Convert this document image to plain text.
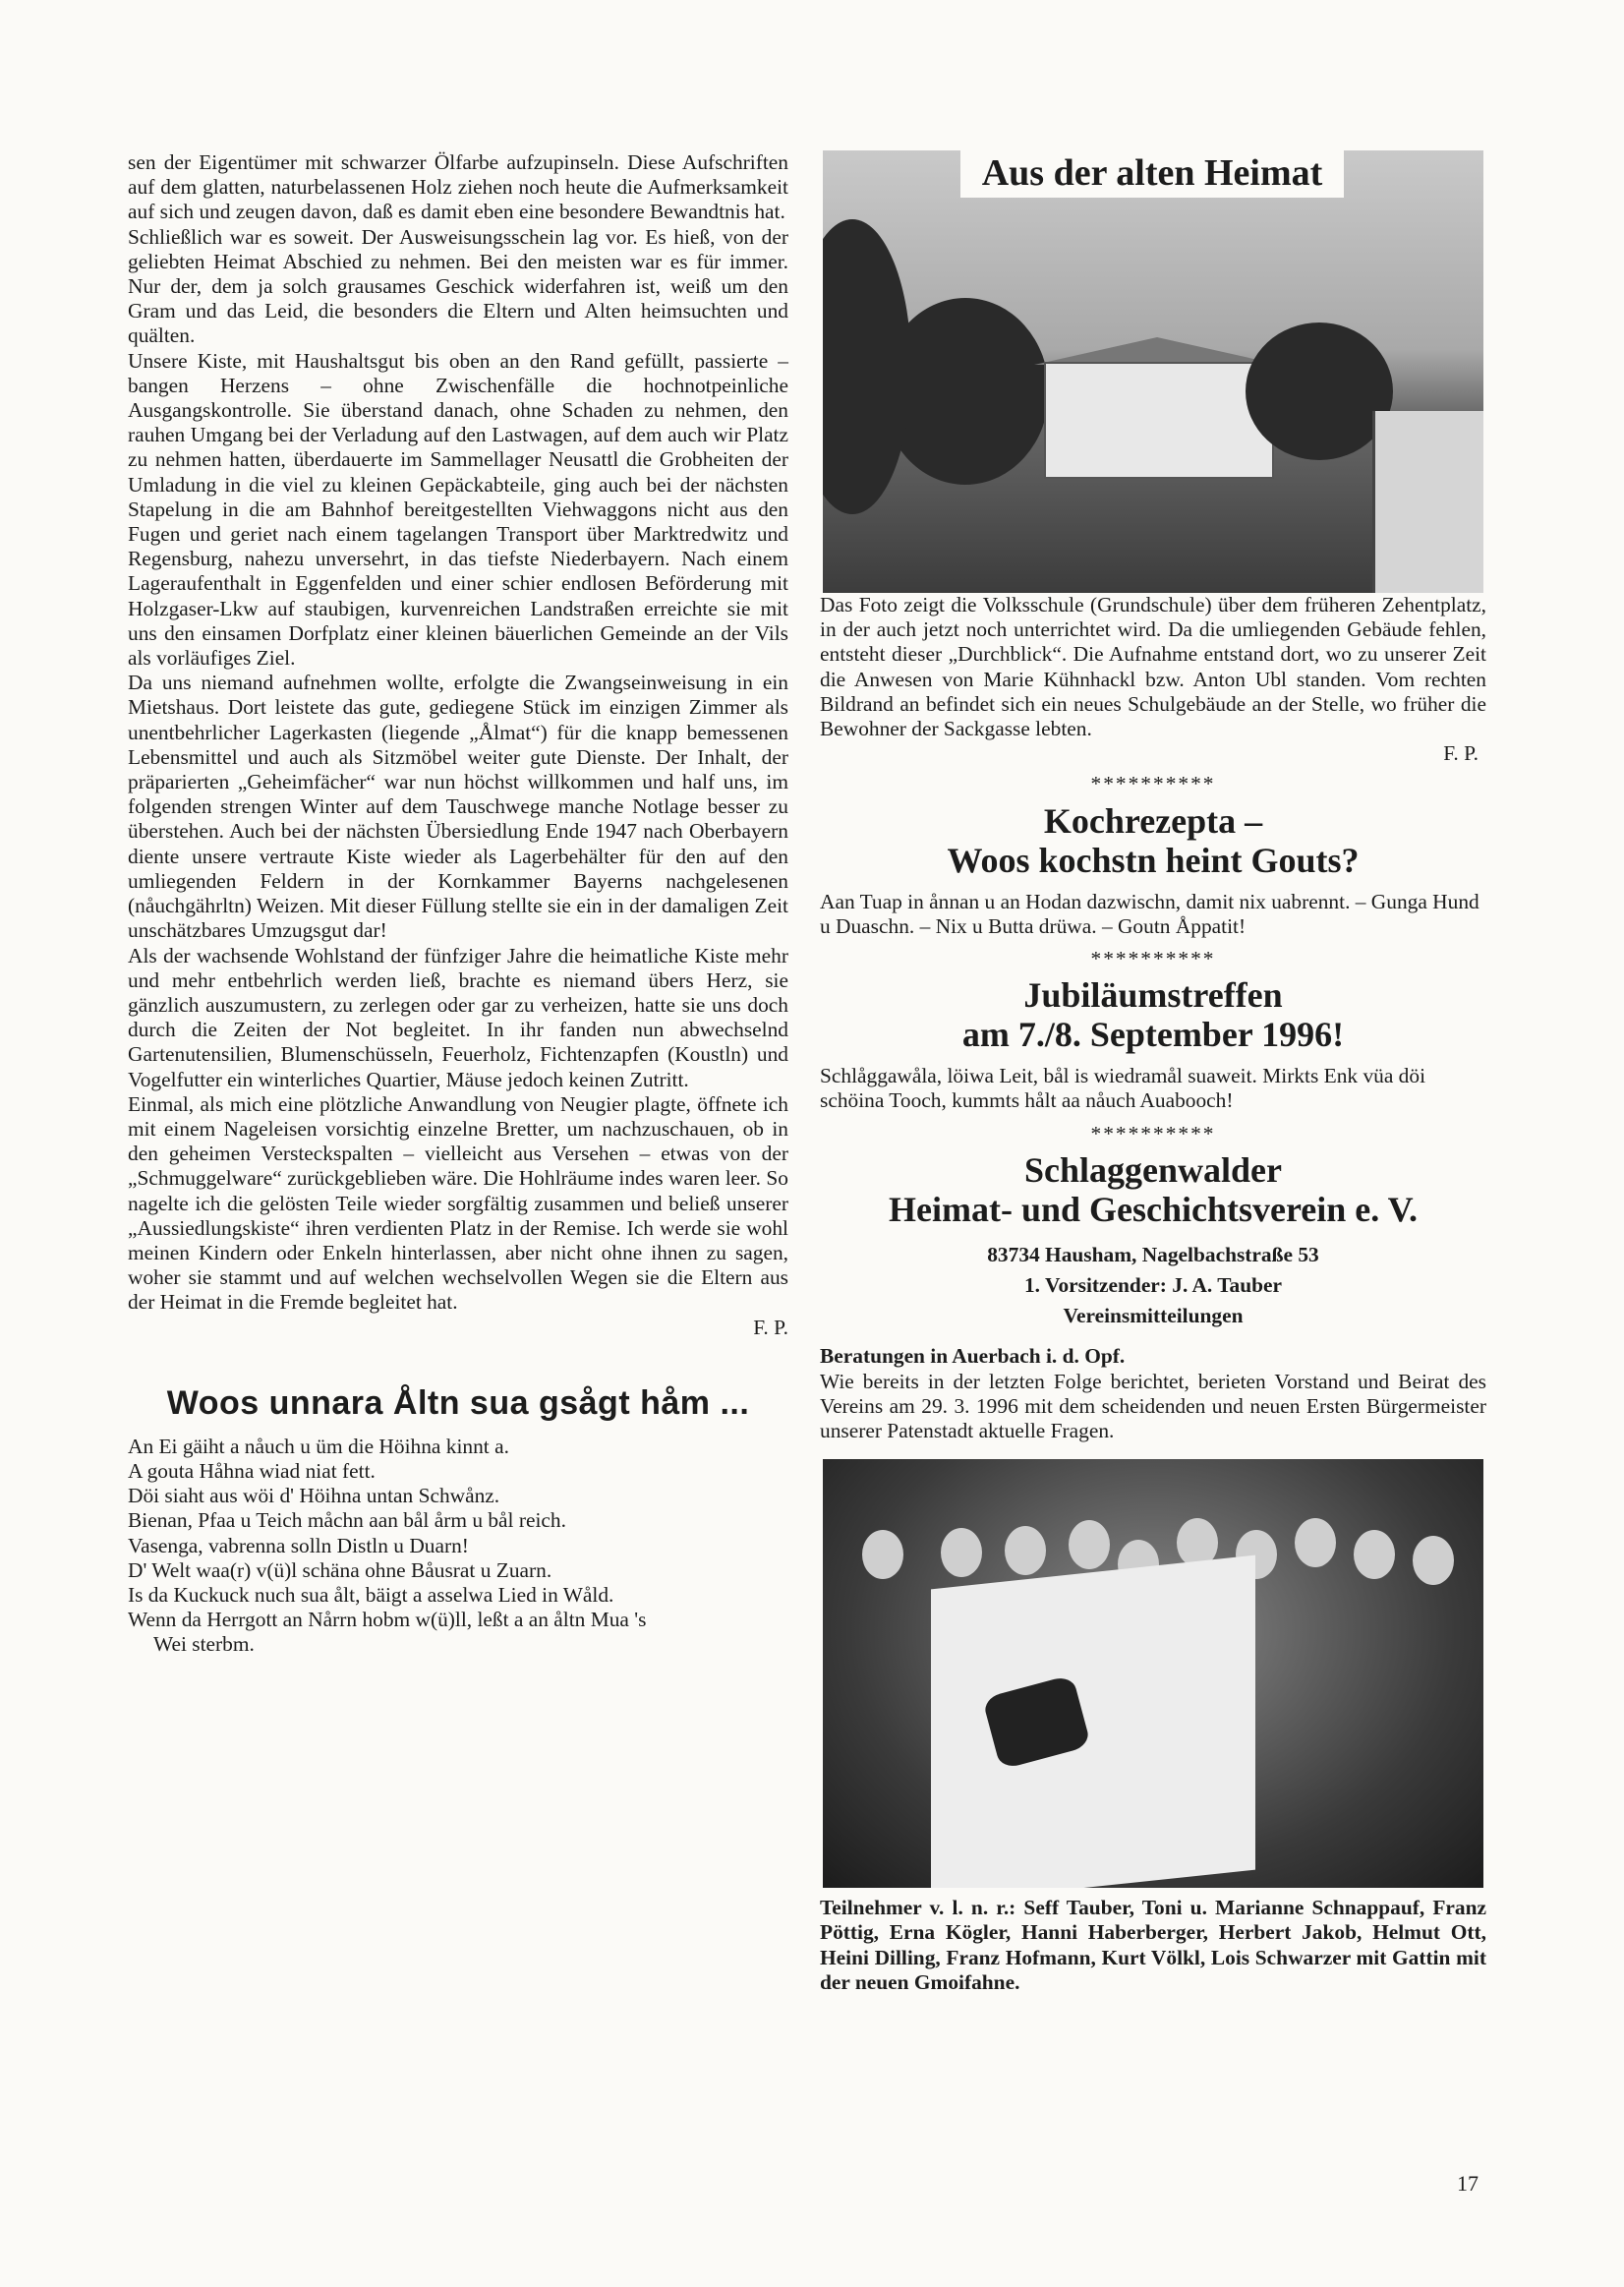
sen der Eigentümer mit schwarzer Ölfarbe aufzupinseln. Diese Aufschriften auf dem glatten, naturbelassenen Holz ziehen noch heute die Aufmerksamkeit auf sich und zeugen davon, daß es damit eben eine besondere Bewandtnis hat.

Schließlich war es soweit. Der Ausweisungsschein lag vor. Es hieß, von der geliebten Heimat Abschied zu nehmen. Bei den meisten war es für immer. Nur der, dem ja solch grausames Geschick widerfahren ist, weiß um den Gram und das Leid, die besonders die Eltern und Alten heimsuchten und quälten.

Unsere Kiste, mit Haushaltsgut bis oben an den Rand gefüllt, passierte – bangen Herzens – ohne Zwischenfälle die hochnotpeinliche Ausgangskontrolle. Sie überstand danach, ohne Schaden zu nehmen, den rauhen Umgang bei der Verladung auf den Lastwagen, auf dem auch wir Platz zu nehmen hatten, überdauerte im Sammellager Neusattl die Grobheiten der Umladung in die viel zu kleinen Gepäckabteile, ging auch bei der nächsten Stapelung in die am Bahnhof bereitgestellten Viehwaggons nicht aus den Fugen und geriet nach einem tagelangen Transport über Marktredwitz und Regensburg, nahezu unversehrt, in das tiefste Niederbayern. Nach einem Lageraufenthalt in Eggenfelden und einer schier endlosen Beförderung mit Holzgaser-Lkw auf staubigen, kurvenreichen Landstraßen erreichte sie mit uns den einsamen Dorfplatz einer kleinen bäuerlichen Gemeinde an der Vils als vorläufiges Ziel.

Da uns niemand aufnehmen wollte, erfolgte die Zwangseinweisung in ein Mietshaus. Dort leistete das gute, gediegene Stück im einzigen Zimmer als unentbehrlicher Lagerkasten (liegende „Ålmat“) für die knapp bemessenen Lebensmittel und auch als Sitzmöbel weiter gute Dienste. Der Inhalt, der präparierten „Geheimfächer“ war nun höchst willkommen und half uns, im folgenden strengen Winter auf dem Tauschwege manche Notlage besser zu überstehen. Auch bei der nächsten Übersiedlung Ende 1947 nach Oberbayern diente unsere vertraute Kiste wieder als Lagerbehälter für den auf den umliegenden Feldern in der Kornkammer Bayerns nachgelesenen (nåuchgährltn) Weizen. Mit dieser Füllung stellte sie ein in der damaligen Zeit unschätzbares Umzugsgut dar!

Als der wachsende Wohlstand der fünfziger Jahre die heimatliche Kiste mehr und mehr entbehrlich werden ließ, brachte es niemand übers Herz, sie gänzlich auszumustern, zu zerlegen oder gar zu verheizen, hatte sie uns doch durch die Zeiten der Not begleitet. In ihr fanden nun abwechselnd Gartenutensilien, Blumenschüsseln, Feuerholz, Fichtenzapfen (Koustln) und Vogelfutter ein winterliches Quartier, Mäuse jedoch keinen Zutritt.

Einmal, als mich eine plötzliche Anwandlung von Neugier plagte, öffnete ich mit einem Nageleisen vorsichtig einzelne Bretter, um nachzuschauen, ob in den geheimen Versteckspalten – vielleicht aus Versehen – etwas von der „Schmuggelware“ zurückgeblieben wäre. Die Hohlräume indes waren leer. So nagelte ich die gelösten Teile wieder sorgfältig zusammen und beließ unserer „Aussiedlungskiste“ ihren verdienten Platz in der Remise. Ich werde sie wohl meinen Kindern oder Enkeln hinterlassen, aber nicht ohne ihnen zu sagen, woher sie stammt und auf welchen wechselvollen Wegen sie die Eltern aus der Heimat in die Fremde begleitet hat.

F. P.
Woos unnara Åltn sua gsågt håm ...

An Ei gäiht a nåuch u üm die Höihna kinnt a.

A gouta Håhna wiad niat fett.

Döi siaht aus wöi d' Höihna untan Schwånz.

Bienan, Pfaa u Teich måchn aan bål årm u bål reich.

Vasenga, vabrenna solln Distln u Duarn!

D' Welt waa(r) v(ü)l schäna ohne Båusrat u Zuarn.

Is da Kuckuck nuch sua ålt, bäigt a asselwa Lied in Wåld.

Wenn da Herrgott an Nårrn hobm w(ü)ll, leßt a an åltn Mua 's

Wei sterbm.

Aus der alten Heimat

Das Foto zeigt die Volksschule (Grundschule) über dem früheren Zehentplatz, in der auch jetzt noch unterrichtet wird. Da die umliegenden Gebäude fehlen, entsteht dieser „Durchblick“. Die Aufnahme entstand dort, wo zu unserer Zeit die Anwesen von Marie Kühnhackl bzw. Anton Ubl standen. Vom rechten Bildrand an befindet sich ein neues Schulgebäude an der Stelle, wo früher die Bewohner der Sackgasse lebten.

F. P.
**********
Kochrezepta –
Woos kochstn heint Gouts?

Aan Tuap in ånnan u an Hodan dazwischn, damit nix uabrennt. – Gunga Hund u Duaschn. – Nix u Butta drüwa. – Goutn Åppatit!

**********
Jubiläumstreffen
am 7./8. September 1996!

Schlåggawåla, löiwa Leit, bål is wiedramål suaweit. Mirkts Enk vüa döi schöina Tooch, kummts hålt aa nåuch Auabooch!

**********
Schlaggenwalder
Heimat- und Geschichtsverein e. V.
83734 Hausham, Nagelbachstraße 53
1. Vorsitzender: J. A. Tauber
Vereinsmitteilungen

Beratungen in Auerbach i. d. Opf.

Wie bereits in der letzten Folge berichtet, berieten Vorstand und Beirat des Vereins am 29. 3. 1996 mit dem scheidenden und neuen Ersten Bürgermeister unserer Patenstadt aktuelle Fragen.

Teilnehmer v. l. n. r.: Seff Tauber, Toni u. Marianne Schnappauf, Franz Pöttig, Erna Kögler, Hanni Haberberger, Herbert Jakob, Helmut Ott, Heini Dilling, Franz Hofmann, Kurt Völkl, Lois Schwarzer mit Gattin mit der neuen Gmoifahne.

17
